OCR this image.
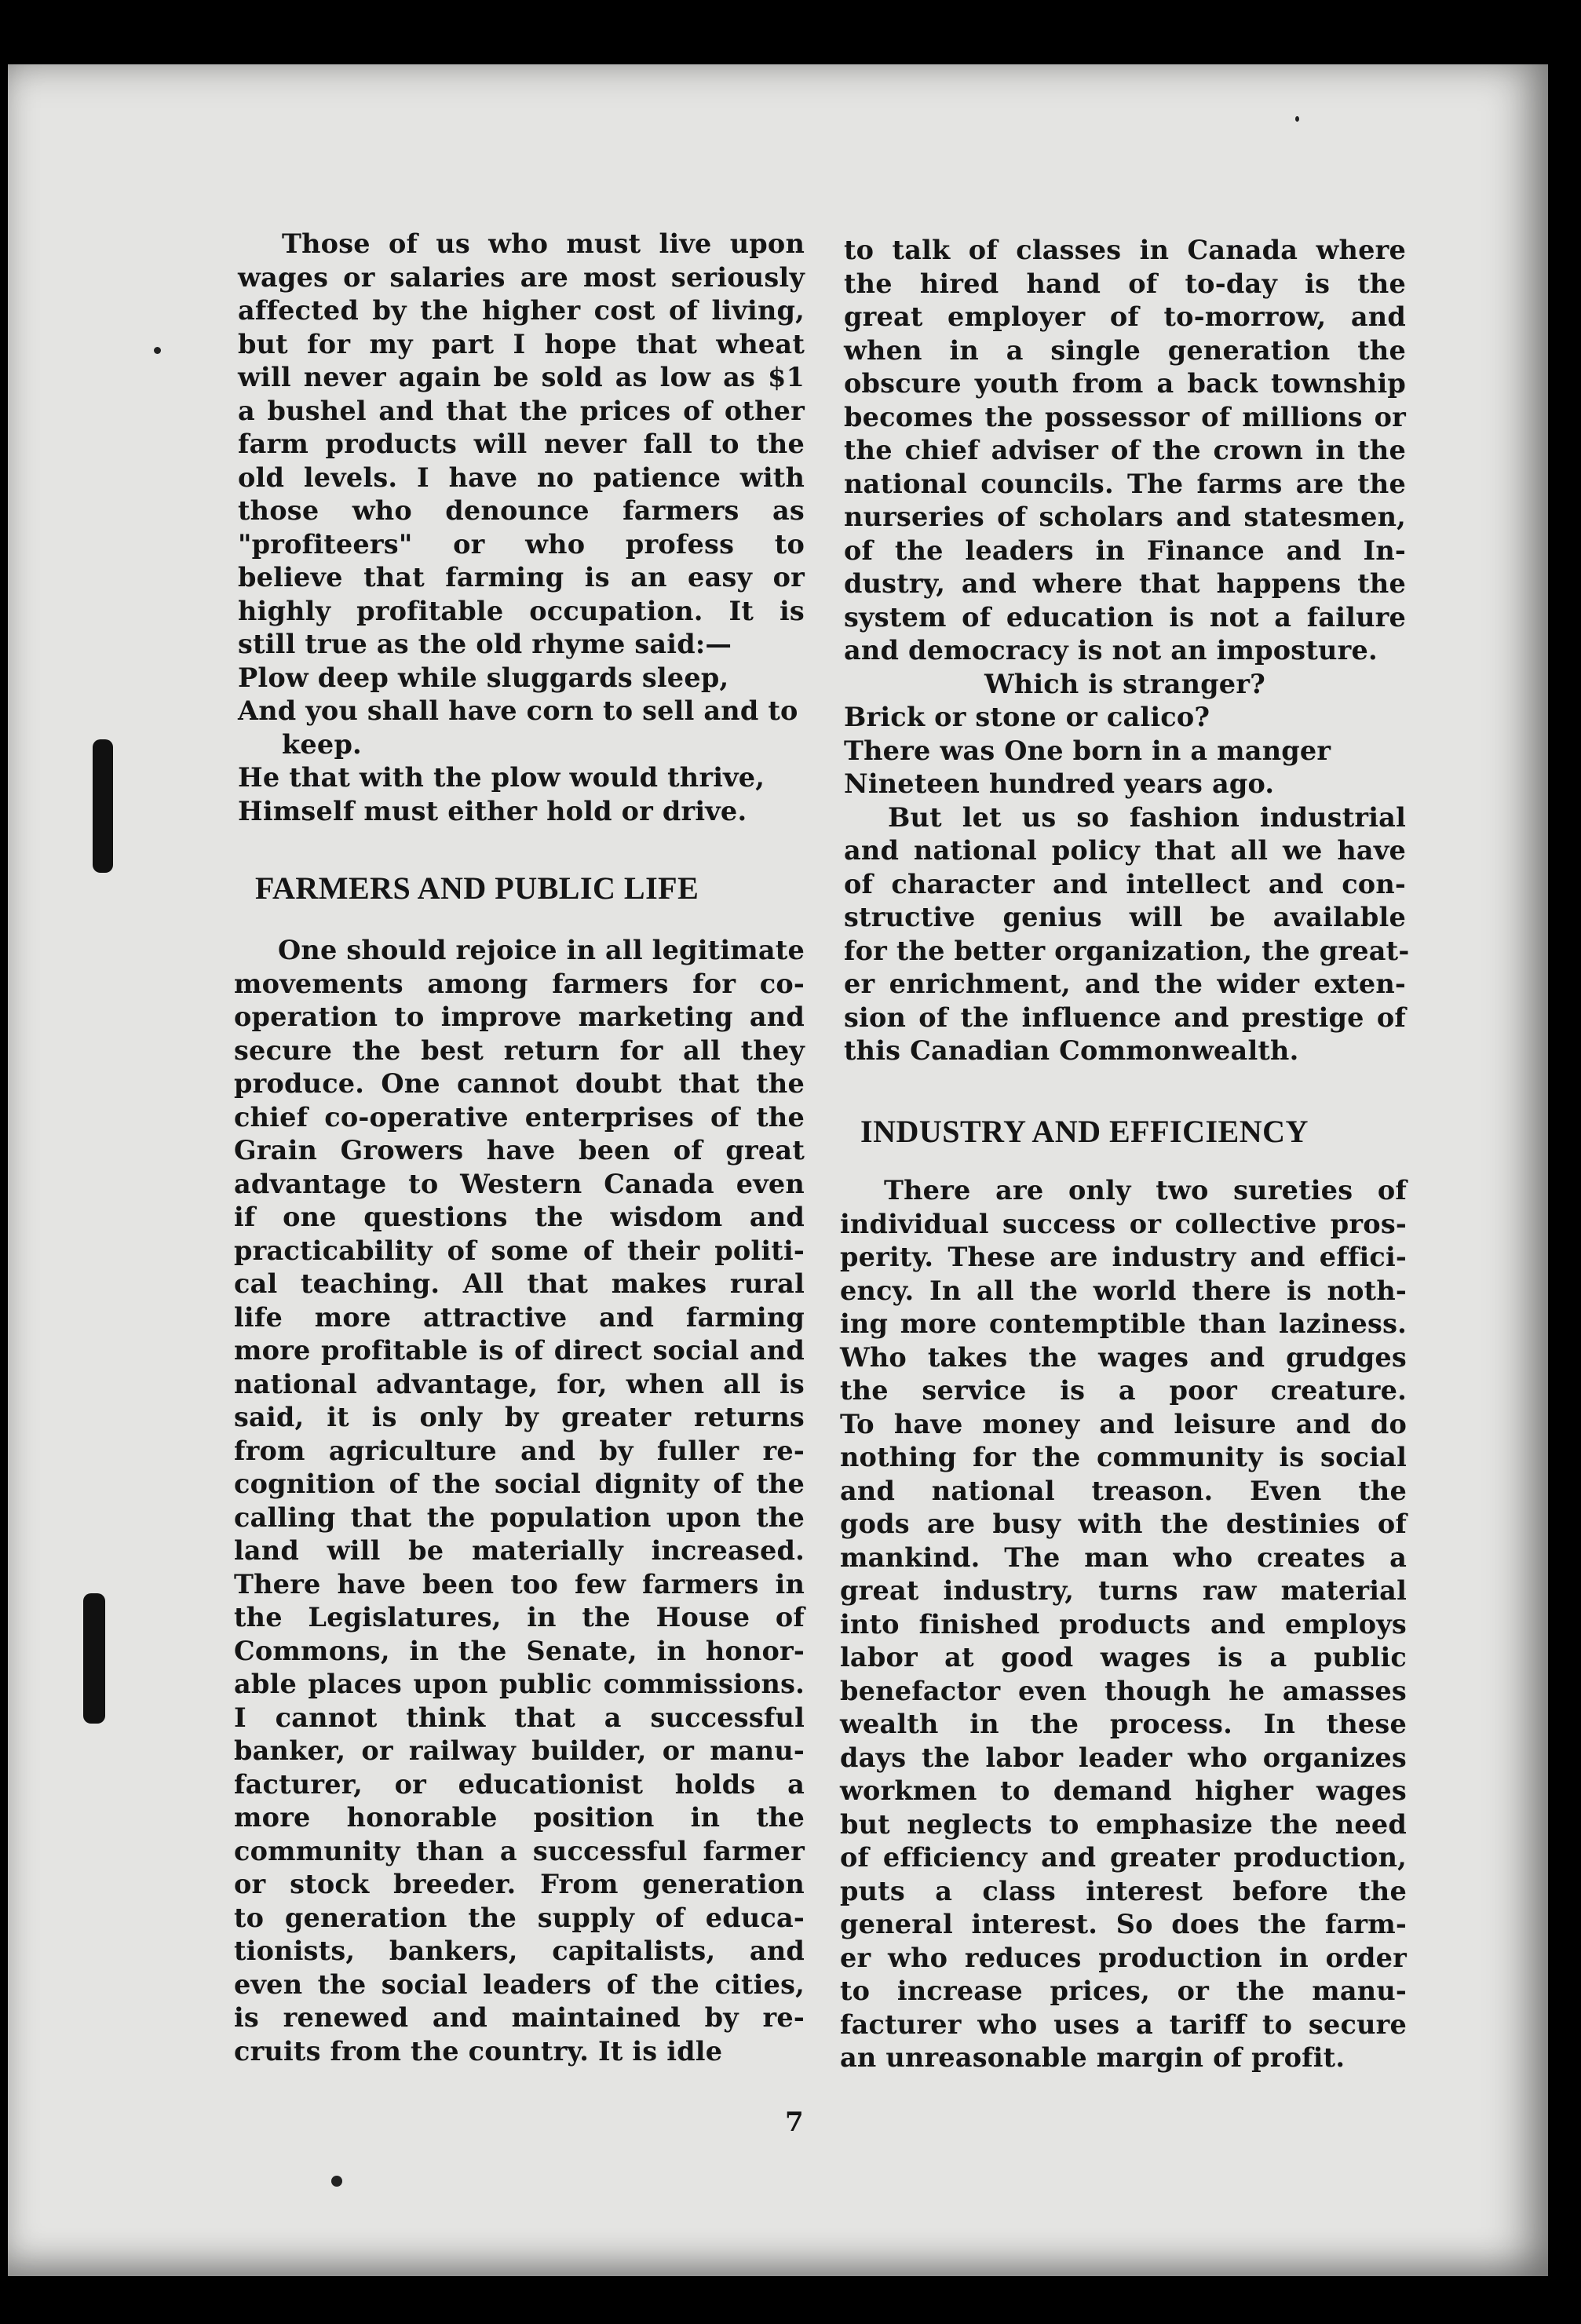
Those of us who must live upon

wages or salaries are most seriously

affected by the higher cost of living,

but for my part I hope that wheat

will never again be sold as low as $1

a bushel and that the prices of other

farm products will never fall to the

old levels. I have no patience with

those who denounce farmers as

"profiteers" or who profess to

believe that farming is an easy or

highly profitable occupation. It is

still true as the old rhyme said:—

Plow deep while sluggards sleep,

And you shall have corn to sell and to

keep.

He that with the plow would thrive,

Himself must either hold or drive.

FARMERS AND PUBLIC LIFE

One should rejoice in all legitimate

movements among farmers for co-

operation to improve marketing and

secure the best return for all they

produce. One cannot doubt that the

chief co-operative enterprises of the

Grain Growers have been of great

advantage to Western Canada even

if one questions the wisdom and

practicability of some of their politi-

cal teaching. All that makes rural

life more attractive and farming

more profitable is of direct social and

national advantage, for, when all is

said, it is only by greater returns

from agriculture and by fuller re-

cognition of the social dignity of the

calling that the population upon the

land will be materially increased.

There have been too few farmers in

the Legislatures, in the House of

Commons, in the Senate, in honor-

able places upon public commissions.

I cannot think that a successful

banker, or railway builder, or manu-

facturer, or educationist holds a

more honorable position in the

community than a successful farmer

or stock breeder. From generation

to generation the supply of educa-

tionists, bankers, capitalists, and

even the social leaders of the cities,

is renewed and maintained by re-

cruits from the country. It is idle

to talk of classes in Canada where

the hired hand of to-day is the

great employer of to-morrow, and

when in a single generation the

obscure youth from a back township

becomes the possessor of millions or

the chief adviser of the crown in the

national councils. The farms are the

nurseries of scholars and statesmen,

of the leaders in Finance and In-

dustry, and where that happens the

system of education is not a failure

and democracy is not an imposture.

Which is stranger?

Brick or stone or calico?

There was One born in a manger

Nineteen hundred years ago.

But let us so fashion industrial

and national policy that all we have

of character and intellect and con-

structive genius will be available

for the better organization, the great-

er enrichment, and the wider exten-

sion of the influence and prestige of

this Canadian Commonwealth.

INDUSTRY AND EFFICIENCY

There are only two sureties of

individual success or collective pros-

perity. These are industry and effici-

ency. In all the world there is noth-

ing more contemptible than laziness.

Who takes the wages and grudges

the service is a poor creature.

To have money and leisure and do

nothing for the community is social

and national treason. Even the

gods are busy with the destinies of

mankind. The man who creates a

great industry, turns raw material

into finished products and employs

labor at good wages is a public

benefactor even though he amasses

wealth in the process. In these

days the labor leader who organizes

workmen to demand higher wages

but neglects to emphasize the need

of efficiency and greater production,

puts a class interest before the

general interest. So does the farm-

er who reduces production in order

to increase prices, or the manu-

facturer who uses a tariff to secure

an unreasonable margin of profit.

7
